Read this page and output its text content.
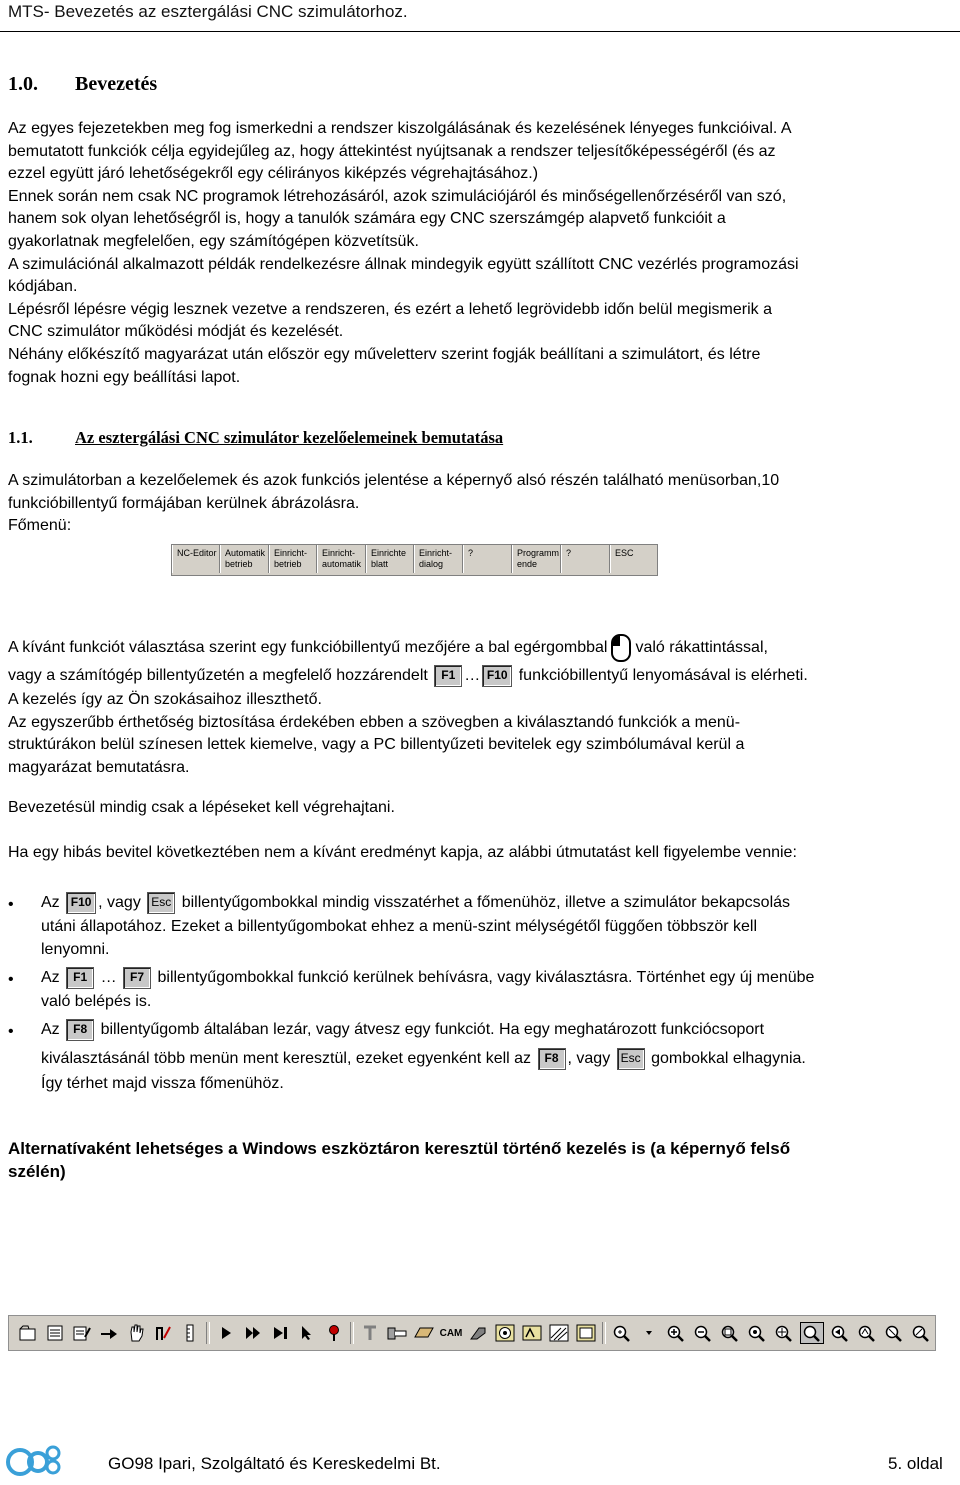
MTS- Bevezetés az esztergálási CNC szimulátorhoz.
1.0. Bevezetés
Az egyes fejezetekben meg fog ismerkedni a rendszer kiszolgálásának és kezelésének lényeges funkcióival. A
bemutatott funkciók célja egyidejűleg az, hogy áttekintést nyújtsanak a rendszer teljesítőképességéről (és az
ezzel együtt járó lehetőségekről egy célirányos kiképzés végrehajtásához.)
Ennek során nem csak NC programok létrehozásáról, azok szimulációjáról és minőségellenőrzéséről van szó,
hanem sok olyan lehetőségről is, hogy a tanulók számára egy CNC szerszámgép alapvető funkcióit a
gyakorlatnak megfelelően, egy számítógépen közvetítsük.
A szimulációnál alkalmazott példák rendelkezésre állnak mindegyik együtt szállított CNC vezérlés programozási
kódjában.
Lépésről lépésre végig lesznek vezetve a rendszeren, és ezért a lehető legrövidebb időn belül megismerik a
CNC szimulátor működési módját és kezelését.
Néhány előkészítő magyarázat után először egy műveletterv szerint fogják beállítani a szimulátort, és létre
fognak hozni egy beállítási lapot.
1.1.	Az esztergálási CNC szimulátor kezelőelemeinek bemutatása
A szimulátorban a kezelőelemek és azok funkciós jelentése a képernyő alsó részén található menüsorban,10
funkcióbillentyű formájában kerülnek ábrázolásra.
Főmenü:
NC-Editor Automatik
betrieb
Einricht-
betrieb
Einricht-
automatik
Einrichte
blatt
Einricht-
dialog
?	Programm
ende
?	ESC
A kívánt funkciót választása szerint egy funkcióbillentyű mezőjére a bal egérgombbal való rákattintással,
vagy a számítógép billentyűzetén a megfelelő hozzárendelt F1 … F10 funkcióbillentyű lenyomásával is elérheti.
A kezelés így az Ön szokásaihoz illeszthető.
Az egyszerűbb érthetőség biztosítása érdekében ebben a szövegben a kiválasztandó funkciók a menü-
struktúrákon belül színesen lettek kiemelve, vagy a PC billentyűzeti bevitelek egy szimbólumával kerül a
magyarázat bemutatásra.
Bevezetésül mindig csak a lépéseket kell végrehajtani.
Ha egy hibás bevitel következtében nem a kívánt eredményt kapja, az alábbi útmutatást kell figyelembe vennie:
• Az F10 , vagy Esc billentyűgombokkal mindig visszatérhet a főmenühöz, illetve a szimulátor bekapcsolás
utáni állapotához. Ezeket a billentyűgombokat ehhez a menü-szint mélységétől függően többször kell
lenyomni.
• Az F1 … F7 billentyűgombokkal funkció kerülnek behívásra, vagy kiválasztásra. Történhet egy új menübe
való belépés is.
• Az F8 billentyűgomb általában lezár, vagy átvesz egy funkciót. Ha egy meghatározott funkciócsoport
kiválasztásánál több menün ment keresztül, ezeket egyenként kell az F8 , vagy Esc gombokkal elhagynia.
Így térhet majd vissza főmenühöz.
Alternatívaként lehetséges a Windows eszköztáron keresztül történő kezelés is (a képernyő felső
szélén)
CAM
GO98 Ipari, Szolgáltató és Kereskedelmi Bt.	5. oldal
